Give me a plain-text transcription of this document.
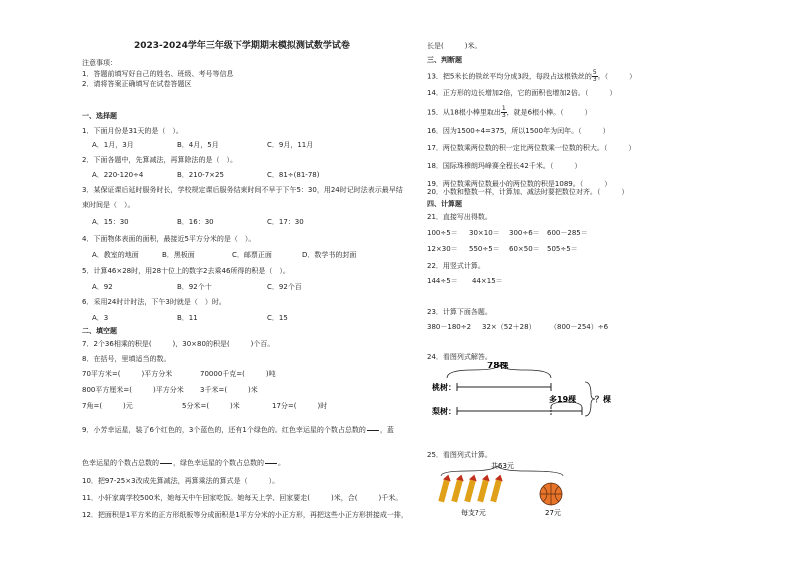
2023-2024学年三年级下学期期末模拟测试数学试卷
注意事项：
1．答题前填写好自己的姓名、班级、考号等信息
2．请将答案正确填写在试卷答题区
一、选择题
1．下面月份是31天的是（　）。
A．1月，3月	B．4月，5月	C．9月，11月
2．下面各题中，先算减法，再算除法的是（　）。
A．220-120÷4	B．210-7×25	C．81÷(81-78)
3．某保证课后延时服务时长，学校规定课后服务结束时间不早于下午5：30，用24时记时法表示最早结
束时间是（　）。
A．15：30	B．16：30	C．17：30
4．下面物体表面的面积，最接近5平方分米的是（　）。
A．教室的地面	B．黑板面	C．邮票正面	D．数学书的封面
5．计算46×28时，用28十位上的数字2去乘46所得的积是（　）。
A．92	B．92个十	C．92个百
6．采用24时计时法，下午3时就是（　）时。
A．3	B．11	C．15
二、填空题
7．2个36相乘的积是(　　　)，30×80的积是(　　　)个百。
8．在括号，里填适当的数。
70平方米=(　　　)平方分米	70000千克=(　　　)吨
800平方厘米=(　　　)平方分米 3千米=(　　　)米
7角=(　　　)元	5分米=(　　　)米	17分=(　　　)时
9．小芳幸运星，装了6个红色的，3个蓝色的，还有1个绿色的。红色幸运星的个数占总数的 ，蓝
色幸运星的个数占总数的 ，绿色幸运星的个数占总数的 。
10．把97-25×3改成先算减法，再算乘法的算式是（　　　）。
11．小轩家离学校500米，她每天中午回家吃饭。她每天上学、回家要走(　　　)米，合(　　　)千米。
12．把面积是1平方米的正方形纸板等分成面积是1平方分米的小正方形，再把这些小正方形拼接成一排，
长是(　　　)米。
三、判断题
13．把5米长的铁丝平均分成3段，每段占这根铁丝的 $\frac{5}{3}$。（　　　）
14．正方形的边长增加2倍，它的面积也增加2倍。（　　　）
15．从18根小棒里取出 $\frac{1}{3}$，就是6根小棒。（　　　）
16．因为1500÷4=375，所以1500年为闰年。（　　　）
17．两位数乘两位数的积一定比两位数乘一位数的积大。（　　　）
18．国际珠穆朗玛峰赛全程长42千米。（　　　）
19．两位数乘两位数最小的两位数的积是1089。（　　　）
20．小数和整数一样，计算加、减法时要把数位对齐。（　　　）
四、计算题
21．直接写出得数。
100÷5＝ 30×10＝ 300÷6＝ 600－285＝
12×30＝ 550÷5＝ 60×50＝ 505÷5＝
22．用竖式计算。
144÷5＝ 44×15＝
23．计算下面各题。
380－180÷2 32×（52＋28） （800－254）÷6
24．看图列式解答。
78棵
桃树：
梨树：
多19棵 ？棵
25．看图列式计算。
共63元
每支?元	27元
